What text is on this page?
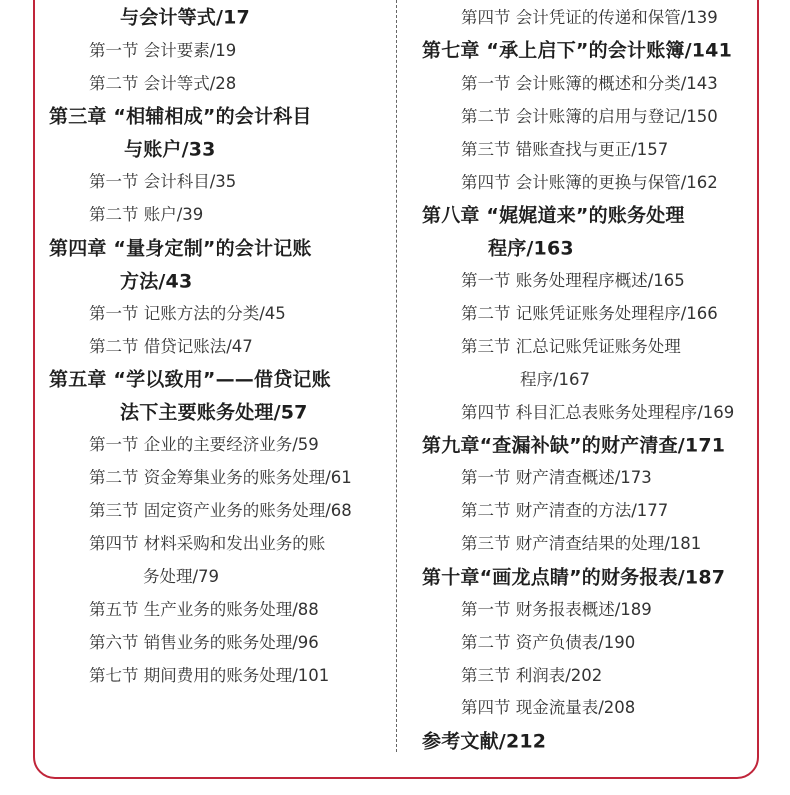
与会计等式/17
第一节 会计要素/19
第二节 会计等式/28
第三章 “相辅相成”的会计科目
与账户/33
第一节 会计科目/35
第二节 账户/39
第四章 “量身定制”的会计记账
方法/43
第一节 记账方法的分类/45
第二节 借贷记账法/47
第五章 “学以致用”——借贷记账
法下主要账务处理/57
第一节 企业的主要经济业务/59
第二节 资金筹集业务的账务处理/61
第三节 固定资产业务的账务处理/68
第四节 材料采购和发出业务的账
务处理/79
第五节 生产业务的账务处理/88
第六节 销售业务的账务处理/96
第七节 期间费用的账务处理/101
第四节 会计凭证的传递和保管/139
第七章 “承上启下”的会计账簿/141
第一节 会计账簿的概述和分类/143
第二节 会计账簿的启用与登记/150
第三节 错账查找与更正/157
第四节 会计账簿的更换与保管/162
第八章 “娓娓道来”的账务处理
程序/163
第一节 账务处理程序概述/165
第二节 记账凭证账务处理程序/166
第三节 汇总记账凭证账务处理
程序/167
第四节 科目汇总表账务处理程序/169
第九章“查漏补缺”的财产清查/171
第一节 财产清查概述/173
第二节 财产清查的方法/177
第三节 财产清查结果的处理/181
第十章“画龙点睛”的财务报表/187
第一节 财务报表概述/189
第二节 资产负债表/190
第三节 利润表/202
第四节 现金流量表/208
参考文献/212
